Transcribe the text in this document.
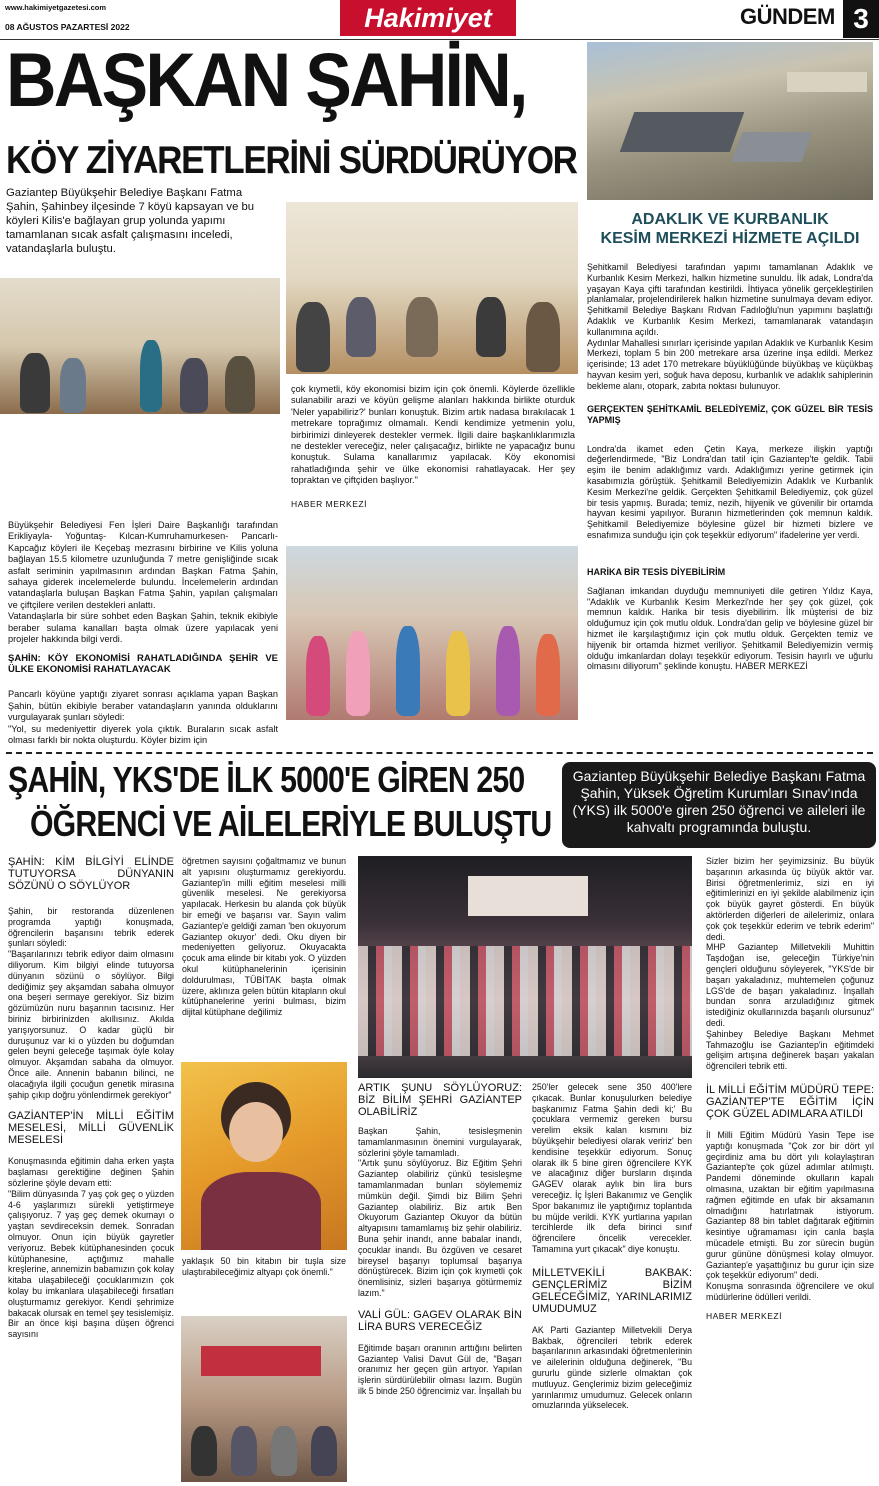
www.hakimiyetgazetesi.com
08 AĞUSTOS PAZARTESİ 2022	Hakimiyet	GÜNDEM 3
BAŞKAN ŞAHİN,
KÖY ZİYARETLERİNİ SÜRDÜRÜYOR
Gaziantep Büyükşehir Belediye Başkanı Fatma Şahin, Şahinbey ilçesinde 7 köyü kapsayan ve bu köyleri Kilis'e bağlayan grup yolunda yapımı tamamlanan sıcak asfalt çalışmasını inceledi, vatandaşlarla buluştu.

Büyükşehir Belediyesi Fen İşleri Daire Başkanlığı tarafından Erikliyayla- Yoğuntaş- Kılcan-Kumruhamurkesen- Pancarlı-Kapcağız köyleri ile Keçebaş mezrasını birbirine ve Kilis yoluna bağlayan 15.5 kilometre uzunluğunda 7 metre genişliğinde sıcak asfalt seriminin yapılmasının ardından Başkan Fatma Şahin, sahaya giderek incelemelerde bulundu. İncelemelerin ardından vatandaşlarla buluşan Başkan Fatma Şahin, yapılan çalışmaları ve çiftçilere verilen destekleri anlattı.

Vatandaşlarla bir süre sohbet eden Başkan Şahin, teknik ekibiyle beraber sulama kanalları başta olmak üzere yapılacak yeni projeler hakkında bilgi verdi.

ŞAHİN: KÖY EKONOMİSİ RAHATLADIĞINDA ŞEHİR VE ÜLKE EKONOMİSİ RAHATLAYACAK

Pancarlı köyüne yaptığı ziyaret sonrası açıklama yapan Başkan Şahin, bütün ekibiyle beraber vatandaşların yanında olduklarını vurgulayarak şunları söyledi:

"Yol, su medeniyettir diyerek yola çıktık. Buraların sıcak asfalt olması farklı bir nokta oluşturdu. Köyler bizim için

çok kıymetli, köy ekonomisi bizim için çok önemli. Köylerde özellikle sulanabilir arazi ve köyün gelişme alanları hakkında birlikte oturduk 'Neler yapabiliriz?' bunları konuştuk. Bizim artık nadasa bırakılacak 1 metrekare toprağımız olmamalı. Kendi kendimize yetmenin yolu, birbirimizi dinleyerek destekler vermek. İlgili daire başkanlıklarımızla ne destekler vereceğiz, neler çalışacağız, birlikte ne yapacağız bunu konuştuk. Sulama kanallarımız yapılacak. Köy ekonomisi rahatladığında şehir ve ülke ekonomisi rahatlayacak. Her şey topraktan ve çiftçiden başlıyor."

HABER MERKEZİ
ADAKLIK VE KURBANLIK
KESİM MERKEZİ HİZMETE AÇILDI

Şehitkamil Belediyesi tarafından yapımı tamamlanan Adaklık ve Kurbanlık Kesim Merkezi, halkın hizmetine sunuldu. İlk adak, Londra'da yaşayan Kaya çifti tarafından kestirildi. İhtiyaca yönelik gerçekleştirilen planlamalar, projelendirilerek halkın hizmetine sunulmaya devam ediyor. Şehitkamil Belediye Başkanı Rıdvan Fadıloğlu'nun yapımını başlattığı Adaklık ve Kurbanlık Kesim Merkezi, tamamlanarak vatandaşın kullanımına açıldı.

Aydınlar Mahallesi sınırları içerisinde yapılan Adaklık ve Kurbanlık Kesim Merkezi, toplam 5 bin 200 metrekare arsa üzerine inşa edildi. Merkez içerisinde; 13 adet 170 metrekare büyüklüğünde büyükbaş ve küçükbaş hayvan kesim yeri, soğuk hava deposu, kurbanlık ve adaklık sahiplerinin bekleme alanı, otopark, zabıta noktası bulunuyor.

GERÇEKTEN ŞEHİTKAMİL BELEDİYEMİZ, ÇOK GÜZEL BİR TESİS YAPMIŞ

Londra'da ikamet eden Çetin Kaya, merkeze ilişkin yaptığı değerlendirmede, "Biz Londra'dan tatil için Gaziantep'te geldik. Tabii eşim ile benim adaklığımız vardı. Adaklığımızı yerine getirmek için kasabımızla görüştük. Şehitkamil Belediyemizin Adaklık ve Kurbanlık Kesim Merkezi'ne geldik. Gerçekten Şehitkamil Belediyemiz, çok güzel bir tesis yapmış. Burada; temiz, nezih, hijyenik ve güvenilir bir ortamda hayvan kesimi yapılıyor. Buranın hizmetlerinden çok memnun kaldık. Şehitkamil Belediyemize böylesine güzel bir hizmeti bizlere ve esnafımıza sunduğu için çok teşekkür ediyorum" ifadelerine yer verdi.

HARİKA BİR TESİS DİYEBİLİRİM

Sağlanan imkandan duyduğu memnuniyeti dile getiren Yıldız Kaya, "Adaklık ve Kurbanlık Kesim Merkezi'nde her şey çok güzel, çok memnun kaldık. Harika bir tesis diyebilirim. İlk müşterisi de biz olduğumuz için çok mutlu olduk. Londra'dan gelip ve böylesine güzel bir hizmet ile karşılaştığımız için çok mutlu olduk. Gerçekten temiz ve hijyenik bir ortamda hizmet veriliyor. Şehitkamil Belediyemizin vermiş olduğu imkanlardan dolayı teşekkür ediyorum. Tesisin hayırlı ve uğurlu olmasını diliyorum" şeklinde konuştu. HABER MERKEZİ

ŞAHİN, YKS'DE İLK 5000'E GİREN 250
ÖĞRENCİ VE AİLELERİYLE BULUŞTU
Gaziantep Büyükşehir Belediye Başkanı Fatma Şahin, Yüksek Öğretim Kurumları Sınav'ında (YKS) ilk 5000'e giren 250 öğrenci ve aileleri ile kahvaltı programında buluştu.
ŞAHİN: KİM BİLGİYİ ELİNDE TUTUYORSA DÜNYANIN SÖZÜNÜ O SÖYLÜYOR

Şahin, bir restoranda düzenlenen programda yaptığı konuşmada, öğrencilerin başarısını tebrik ederek şunları söyledi:

"Başarılarınızı tebrik ediyor daim olmasını diliyorum. Kim bilgiyi elinde tutuyorsa dünyanın sözünü o söylüyor. Bilgi dediğimiz şey akşamdan sabaha olmuyor ona beşeri sermaye gerekiyor. Siz bizim gözümüzün nuru başarının tacısınız. Her biriniz birbirinizden akıllısınız. Akılda yarışıyorsunuz. O kadar güçlü bir duruşunuz var ki o yüzden bu doğumdan gelen beyni geleceğe taşımak öyle kolay olmuyor. Akşamdan sabaha da olmuyor. Önce aile. Annenin babanın bilinci, ne olacağıyla ilgili çocuğun genetik mirasına şahip çıkıp doğru yönlendirmek gerekiyor"

GAZİANTEP'İN MİLLİ EĞİTİM MESELESİ, MİLLİ GÜVENLİK MESELESİ

Konuşmasında eğitimin daha erken yaşta başlaması gerektiğine değinen Şahin sözlerine şöyle devam etti:

"Bilim dünyasında 7 yaş çok geç o yüzden 4-6 yaşlarımızı sürekli yetiştirmeye çalışıyoruz. 7 yaş geç demek okumayı o yaştan sevdireceksin demek. Sonradan olmuyor. Onun için büyük gayretler veriyoruz. Bebek kütüphanesinden çocuk kütüphanesine, açtığımız mahalle kreşlerine, annemizin babamızın çok kolay kitaba ulaşabileceği çocuklarımızın çok kolay bu imkanlara ulaşabileceği fırsatları oluşturmamız gerekiyor. Kendi şehrimize bakacak olursak en temel şey tesislemişiz. Bir an önce kişi başına düşen öğrenci sayısını

öğretmen sayısını çoğaltmamız ve bunun alt yapısını oluşturmamız gerekiyordu. Gaziantep'in milli eğitim meselesi milli güvenlik meselesi. Ne gerekiyorsa yapılacak. Herkesin bu alanda çok büyük bir emeği ve başarısı var. Sayın valim Gaziantep'e geldiği zaman 'ben okuyorum Gaziantep okuyor' dedi. Oku diyen bir medeniyetten geliyoruz. Okuyacakta çocuk ama elinde bir kitabı yok. O yüzden okul kütüphanelerinin içerisinin doldurulması, TÜBİTAK başta olmak üzere, aklınıza gelen bütün kitapların okul kütüphanelerine yerini bulması, bizim dijital kütüphane değilimiz

yaklaşık 50 bin kitabın bir tuşla size ulaştırabileceğimiz altyapı çok önemli."

ARTIK ŞUNU SÖYLÜYORUZ: BİZ BİLİM ŞEHRİ GAZİANTEP OLABİLİRİZ

Başkan Şahin, tesisleşmenin tamamlanmasının önemini vurgulayarak, sözlerini şöyle tamamladı.

"Artık şunu söylüyoruz. Biz Eğitim Şehri Gaziantep olabiliriz çünkü tesisleşme tamamlanmadan bunları söylememiz mümkün değil. Şimdi biz Bilim Şehri Gaziantep olabiliriz. Biz artık Ben Okuyorum Gaziantep Okuyor da bütün altyapısını tamamlamış biz şehir olabiliriz. Buna şehir inandı, anne babalar inandı, çocuklar inandı. Bu özgüven ve cesaret bireysel başarıyı toplumsal başarıya dönüştürecek. Bizim için çok kıymetli çok önemlisiniz, sizleri başarıya götürmemiz lazım."

VALİ GÜL: GAGEV OLARAK BİN LİRA BURS VERECEĞİZ

Eğitimde başarı oranının arttığını belirten Gaziantep Valisi Davut Gül de, "Başarı oranımız her geçen gün artıyor. Yapılan işlerin sürdürülebilir olması lazım. Bugün ilk 5 binde 250 öğrencimiz var. İnşallah bu

250'ler gelecek sene 350 400'lere çıkacak. Bunlar konuşulurken belediye başkanımız Fatma Şahin dedi ki;' Bu çocuklara vermemiz gereken bursu verelim eksik kalan kısmını biz büyükşehir belediyesi olarak veririz' ben kendisine teşekkür ediyorum. Sonuç olarak ilk 5 bine giren öğrencilere KYK ve alacağınız diğer bursların dışında GAGEV olarak aylık bin lira burs vereceğiz. İç İşleri Bakanımız ve Gençlik Spor bakanımız ile yaptığımız toplantıda bu müjde verildi. KYK yurtlarına yapılan tercihlerde ilk defa birinci sınıf öğrencilere öncelik verecekler. Tamamına yurt çıkacak" diye konuştu.

MİLLETVEKİLİ BAKBAK: GENÇLERİMİZ BİZİM GELECEĞİMİZ, YARINLARIMIZ UMUDUMUZ

AK Parti Gaziantep Milletvekili Derya Bakbak, öğrencileri tebrik ederek başarılarının arkasındaki öğretmenlerinin ve ailelerinin olduğuna değinerek, "Bu gururlu günde sizlerle olmaktan çok mutluyuz. Gençlerimiz bizim geleceğimiz yarınlarımız umudumuz. Gelecek onların omuzlarında yükselecek.

Sizler bizim her şeyimizsiniz. Bu büyük başarının arkasında üç büyük aktör var. Birisi öğretmenlerimiz, sizi en iyi eğitimlerinizi en iyi şekilde alabilmeniz için çok büyük gayret gösterdi. En büyük aktörlerden diğerleri de ailelerimiz, onlara çok çok teşekkür ederim ve tebrik ederim" dedi.

MHP Gaziantep Milletvekili Muhittin Taşdoğan ise, geleceğin Türkiye'nin gençleri olduğunu söyleyerek, "YKS'de bir başarı yakaladınız, muhtemelen çoğunuz LGS'de de başarı yakaladınız. İnşallah bundan sonra arzuladığınız gitmek istediğiniz okullarınızda başarılı olursunuz" dedi.

Şahinbey Belediye Başkanı Mehmet Tahmazoğlu ise Gaziantep'in eğitimdeki gelişim artışına değinerek başarı yakalan öğrencileri tebrik etti.

İL MİLLİ EĞİTİM MÜDÜRÜ TEPE: GAZİANTEP'TE EĞİTİM İÇİN ÇOK GÜZEL ADIMLARA ATILDI

İl Milli Eğitim Müdürü Yasin Tepe ise yaptığı konuşmada "Çok zor bir dört yıl geçirdiniz ama bu dört yılı kolaylaştıran Gaziantep'te çok güzel adımlar atılmıştı. Pandemi döneminde okulların kapalı olmasına, uzaktan bir eğitim yapılmasına rağmen eğitimde en ufak bir aksamanın olmadığını hatırlatmak istiyorum. Gaziantep 88 bin tablet dağıtarak eğitimin kesintiye uğramaması için canla başla mücadele etmişti. Bu zor sürecin bugün gurur gününe dönüşmesi kolay olmuyor. Gaziantep'e yaşattığınız bu gurur için size çok teşekkür ediyorum" dedi.

Konuşma sonrasında öğrencilere ve okul müdürlerine ödülleri verildi.

HABER MERKEZİ
